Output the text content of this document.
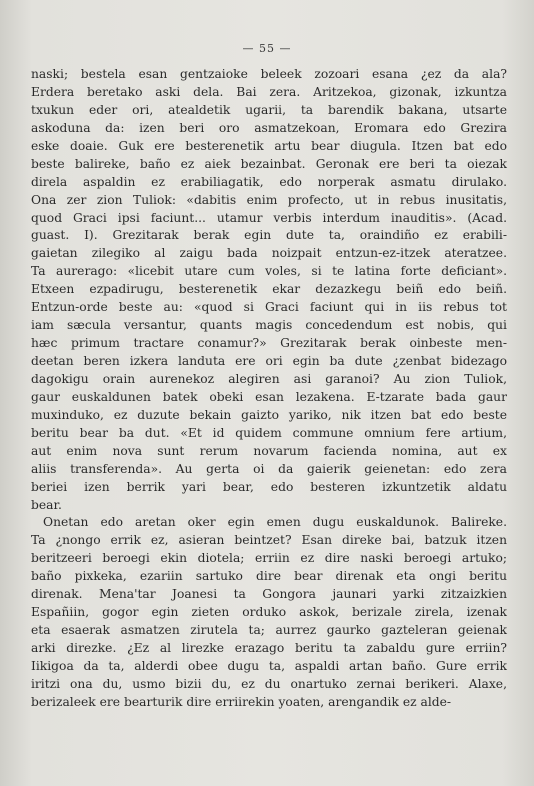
— 55 —
naski; bestela esan gentzaioke beleek zozoari esana ¿ez da ala?
Erdera beretako aski dela. Bai zera. Aritzekoa, gizonak, izkuntza
txukun eder ori, atealdetik ugarii, ta barendik bakana, utsarte
askoduna da: izen beri oro asmatzekoan, Eromara edo Grezira
eske doaie. Guk ere besterenetik artu bear diugula. Itzen bat edo
beste balireke, baño ez aiek bezainbat. Geronak ere beri ta oiezak
direla aspaldin ez erabiliagatik, edo norperak asmatu dirulako.
Ona zer zion Tuliok: «dabitis enim profecto, ut in rebus inusitatis,
quod Graci ipsi faciunt... utamur verbis interdum inauditis». (Acad.
guast. I). Grezitarak berak egin dute ta, oraindiño ez erabili-
gaietan zilegiko al zaigu bada noizpait entzun-ez-itzek ateratzee.
Ta aurerago: «licebit utare cum voles, si te latina forte deficiant».
Etxeen ezpadirugu, besterenetik ekar dezazkegu beiñ edo beiñ.
Entzun-orde beste au: «quod si Graci faciunt qui in iis rebus tot
iam sæcula versantur, quants magis concedendum est nobis, qui
hæc primum tractare conamur?» Grezitarak berak oinbeste men-
deetan beren izkera landuta ere ori egin ba dute ¿zenbat bidezago
dagokigu orain aurenekoz alegiren asi garanoi? Au zion Tuliok,
gaur euskaldunen batek obeki esan lezakena. E-tzarate bada gaur
muxinduko, ez duzute bekain gaizto yariko, nik itzen bat edo beste
beritu bear ba dut. «Et id quidem commune omnium fere artium,
aut enim nova sunt rerum novarum facienda nomina, aut ex
aliis transferenda». Au gerta oi da gaierik geienetan: edo zera
beriei izen berrik yari bear, edo besteren izkuntzetik aldatu
bear.
Onetan edo aretan oker egin emen dugu euskaldunok. Balireke.
Ta ¿nongo errik ez, asieran beintzet? Esan direke bai, batzuk itzen
beritzeeri beroegi ekin diotela; erriin ez dire naski beroegi artuko;
baño pixkeka, ezariin sartuko dire bear direnak eta ongi beritu
direnak. Mena'tar Joanesi ta Gongora jaunari yarki zitzaizkien
Españiin, gogor egin zieten orduko askok, berizale zirela, izenak
eta esaerak asmatzen zirutela ta; aurrez gaurko gazteleran geienak
arki direzke. ¿Ez al lirezke erazago beritu ta zabaldu gure erriin?
Iikigoa da ta, alderdi obee dugu ta, aspaldi artan baño. Gure errik
iritzi ona du, usmo bizii du, ez du onartuko zernai berikeri. Alaxe,
berizaleek ere bearturik dire erriirekin yoaten, arengandik ez alde-
